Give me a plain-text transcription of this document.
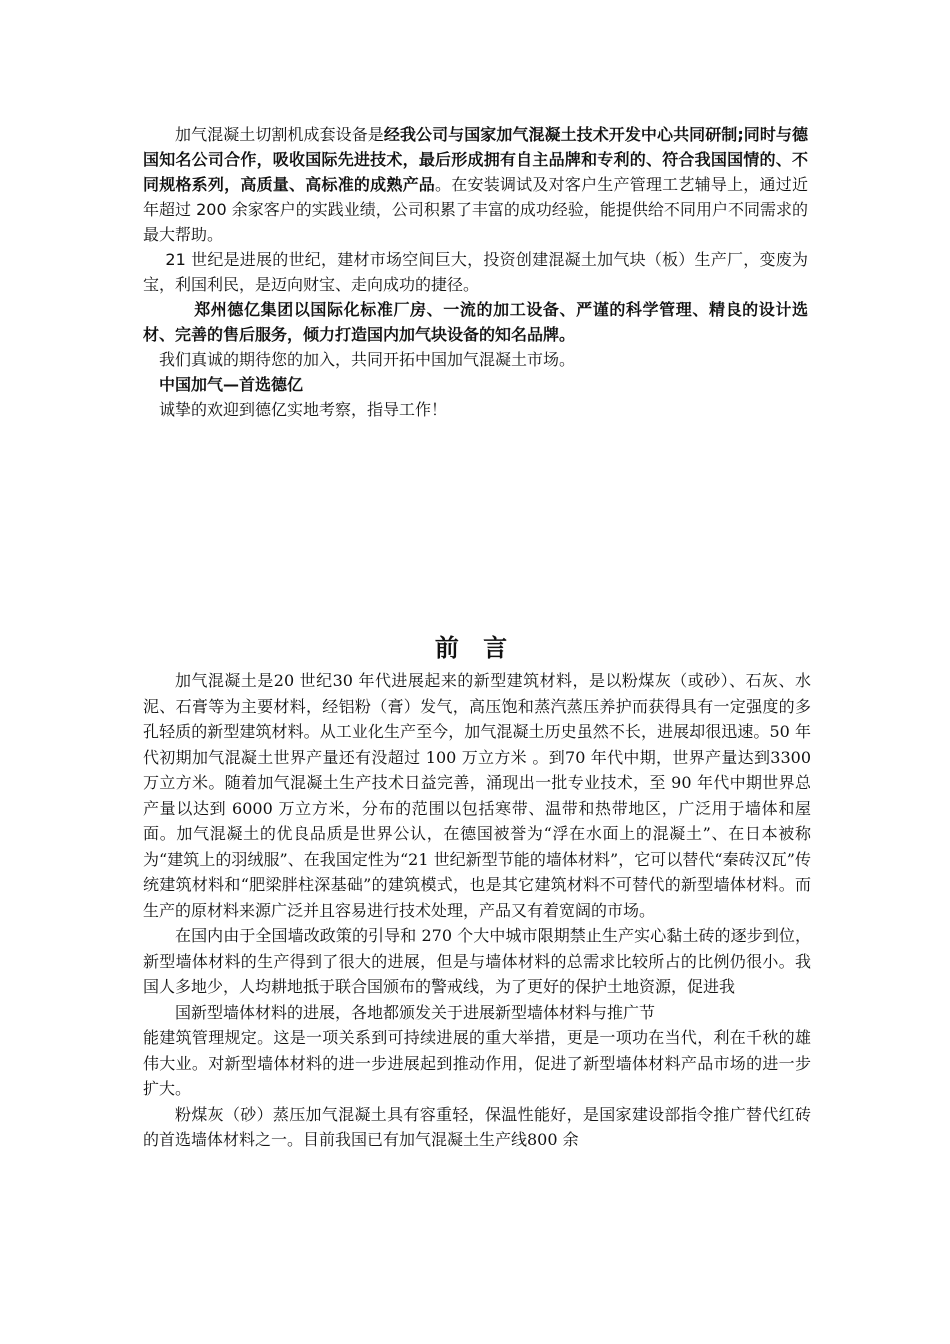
加气混凝土切割机成套设备是经我公司与国家加气混凝土技术开发中心共同研制;同时与德国知名公司合作，吸收国际先进技术，最后形成拥有自主品牌和专利的、符合我国国情的、不同规格系列，高质量、高标准的成熟产品。在安装调试及对客户生产管理工艺辅导上，通过近年超过 200 余家客户的实践业绩，公司积累了丰富的成功经验，能提供给不同用户不同需求的最大帮助。

21 世纪是进展的世纪，建材市场空间巨大，投资创建混凝土加气块（板）生产厂，变废为宝，利国利民，是迈向财宝、走向成功的捷径。

郑州德亿集团以国际化标准厂房、一流的加工设备、严谨的科学管理、精良的设计选材、完善的售后服务，倾力打造国内加气块设备的知名品牌。

我们真诚的期待您的加入，共同开拓中国加气混凝土市场。

中国加气—首选德亿

诚挚的欢迎到德亿实地考察，指导工作！

前 言

加气混凝土是20 世纪30 年代进展起来的新型建筑材料，是以粉煤灰（或砂）、石灰、水泥、石膏等为主要材料，经铝粉（膏）发气，高压饱和蒸汽蒸压养护而获得具有一定强度的多孔轻质的新型建筑材料。从工业化生产至今，加气混凝土历史虽然不长，进展却很迅速。50 年代初期加气混凝土世界产量还有没超过 100 万立方米 。到70 年代中期，世界产量达到3300 万立方米。随着加气混凝土生产技术日益完善，涌现出一批专业技术，至 90 年代中期世界总产量以达到 6000 万立方米，分布的范围以包括寒带、温带和热带地区，广泛用于墙体和屋面。加气混凝土的优良品质是世界公认，在德国被誉为“浮在水面上的混凝土”、在日本被称为“建筑上的羽绒服”、在我国定性为“21 世纪新型节能的墙体材料”，它可以替代“秦砖汉瓦”传统建筑材料和“肥梁胖柱深基础”的建筑模式，也是其它建筑材料不可替代的新型墙体材料。而生产的原材料来源广泛并且容易进行技术处理，产品又有着宽阔的市场。

在国内由于全国墙改政策的引导和 270 个大中城市限期禁止生产实心黏土砖的逐步到位，新型墙体材料的生产得到了很大的进展，但是与墙体材料的总需求比较所占的比例仍很小。我国人多地少，人均耕地抵于联合国颁布的警戒线，为了更好的保护土地资源，促进我

国新型墙体材料的进展，各地都颁发关于进展新型墙体材料与推广节

能建筑管理规定。这是一项关系到可持续进展的重大举措，更是一项功在当代，利在千秋的雄伟大业。对新型墙体材料的进一步进展起到推动作用，促进了新型墙体材料产品市场的进一步扩大。

粉煤灰（砂）蒸压加气混凝土具有容重轻，保温性能好，是国家建设部指令推广替代红砖的首选墙体材料之一。目前我国已有加气混凝土生产线800 余
